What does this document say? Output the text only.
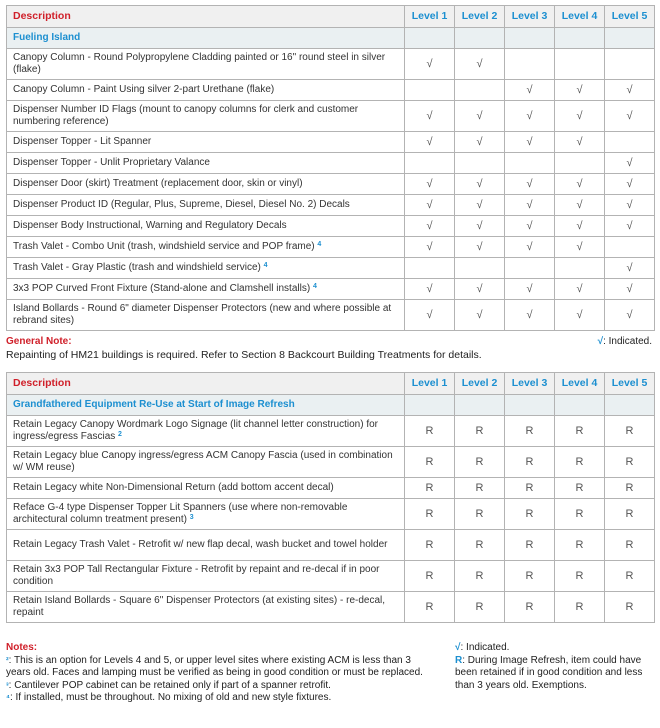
Description	Level 1	Level 2	Level 3	Level 4	Level 5
Fueling Island					
Canopy Column - Round Polypropylene Cladding painted or 16" round steel in silver (flake)	√	√			
Canopy Column - Paint Using silver 2-part Urethane (flake)			√	√	√
Dispenser Number ID Flags (mount to canopy columns for clerk and customer numbering reference)	√	√	√	√	√
Dispenser Topper - Lit Spanner	√	√	√	√	
Dispenser Topper - Unlit Proprietary Valance					√
Dispenser Door (skirt) Treatment (replacement door, skin or vinyl)	√	√	√	√	√
Dispenser Product ID (Regular, Plus, Supreme, Diesel, Diesel No. 2) Decals	√	√	√	√	√
Dispenser Body Instructional, Warning and Regulatory Decals	√	√	√	√	√
Trash Valet - Combo Unit (trash, windshield service and POP frame) $^4$	√	√	√	√	
Trash Valet - Gray Plastic (trash and windshield service) $^4$					√
3x3 POP Curved Front Fixture (Stand-alone and Clamshell installs) $^4$	√	√	√	√	√
Island Bollards - Round 6" diameter Dispenser Protectors (new and where possible at rebrand sites)	√	√	√	√	√
General Note:
Repainting of HM21 buildings is required. Refer to Section 8 Backcourt Building Treatments for details.
√: Indicated.
Description	Level 1	Level 2	Level 3	Level 4	Level 5
Grandfathered Equipment Re-Use at Start of Image Refresh					
Retain Legacy Canopy Wordmark Logo Signage (lit channel letter construction) for ingress/egress Fascias $^2$	R	R	R	R	R
Retain Legacy blue Canopy ingress/egress ACM Canopy Fascia (used in combination w/ WM reuse)	R	R	R	R	R
Retain Legacy white Non-Dimensional Return (add bottom accent decal)	R	R	R	R	R
Reface G-4 type Dispenser Topper Lit Spanners (use where non-removable architectural column treatment present) $^3$	R	R	R	R	R
Retain Legacy Trash Valet - Retrofit w/ new flap decal, wash bucket and towel holder	R	R	R	R	R
Retain 3x3 POP Tall Rectangular Fixture - Retrofit by repaint and re-decal if in poor condition	R	R	R	R	R
Retain Island Bollards - Square 6" Dispenser Protectors (at existing sites) - re-decal, repaint	R	R	R	R	R
Notes:
$^{^2}$: This is an option for Levels 4 and 5, or upper level sites where existing ACM is less than 3 years old. Faces and lamping must be verified as being in good condition or must be replaced.
$^{^3}$: Cantilever POP cabinet can be retained only if part of a spanner retrofit.
$^{^4}$: If installed, must be throughout. No mixing of old and new style fixtures.
√: Indicated.
R: During Image Refresh, item could have been retained if in good condition and less than 3 years old. Exemptions.
